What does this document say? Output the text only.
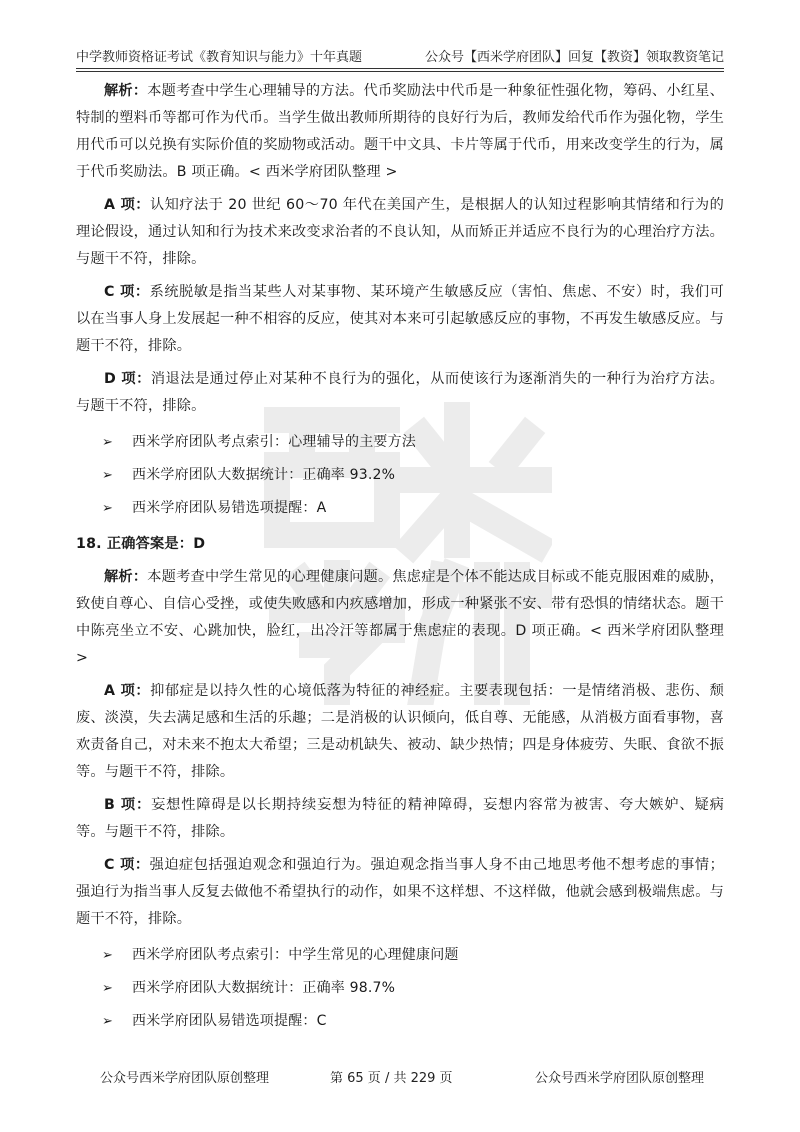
中学教师资格证考试《教育知识与能力》十年真题	公众号【西米学府团队】回复【教资】领取教资笔记

解析：本题考查中学生心理辅导的方法。代币奖励法中代币是一种象征性强化物，筹码、小红星、特制的塑料币等都可作为代币。当学生做出教师所期待的良好行为后，教师发给代币作为强化物，学生用代币可以兑换有实际价值的奖励物或活动。题干中文具、卡片等属于代币，用来改变学生的行为，属于代币奖励法。B 项正确。< 西米学府团队整理 >

A 项：认知疗法于 20 世纪 60～70 年代在美国产生，是根据人的认知过程影响其情绪和行为的理论假设，通过认知和行为技术来改变求治者的不良认知，从而矫正并适应不良行为的心理治疗方法。与题干不符，排除。

C 项：系统脱敏是指当某些人对某事物、某环境产生敏感反应（害怕、焦虑、不安）时，我们可以在当事人身上发展起一种不相容的反应，使其对本来可引起敏感反应的事物，不再发生敏感反应。与题干不符，排除。

D 项：消退法是通过停止对某种不良行为的强化，从而使该行为逐渐消失的一种行为治疗方法。与题干不符，排除。

➢ 西米学府团队考点索引：心理辅导的主要方法
➢ 西米学府团队大数据统计：正确率 93.2%
➢ 西米学府团队易错选项提醒：A
18. 正确答案是：D

解析：本题考查中学生常见的心理健康问题。焦虑症是个体不能达成目标或不能克服困难的威胁，致使自尊心、自信心受挫，或使失败感和内疚感增加，形成一种紧张不安、带有恐惧的情绪状态。题干中陈亮坐立不安、心跳加快，脸红，出冷汗等都属于焦虑症的表现。D 项正确。< 西米学府团队整理 >

A 项：抑郁症是以持久性的心境低落为特征的神经症。主要表现包括：一是情绪消极、悲伤、颓废、淡漠，失去满足感和生活的乐趣；二是消极的认识倾向，低自尊、无能感，从消极方面看事物，喜欢责备自己，对未来不抱太大希望；三是动机缺失、被动、缺少热情；四是身体疲劳、失眠、食欲不振等。与题干不符，排除。

B 项：妄想性障碍是以长期持续妄想为特征的精神障碍，妄想内容常为被害、夸大嫉妒、疑病等。与题干不符，排除。

C 项：强迫症包括强迫观念和强迫行为。强迫观念指当事人身不由己地思考他不想考虑的事情；强迫行为指当事人反复去做他不希望执行的动作，如果不这样想、不这样做，他就会感到极端焦虑。与题干不符，排除。

➢ 西米学府团队考点索引：中学生常见的心理健康问题
➢ 西米学府团队大数据统计：正确率 98.7%
➢ 西米学府团队易错选项提醒：C
公众号西米学府团队原创整理	第 65 页 / 共 229 页	公众号西米学府团队原创整理
